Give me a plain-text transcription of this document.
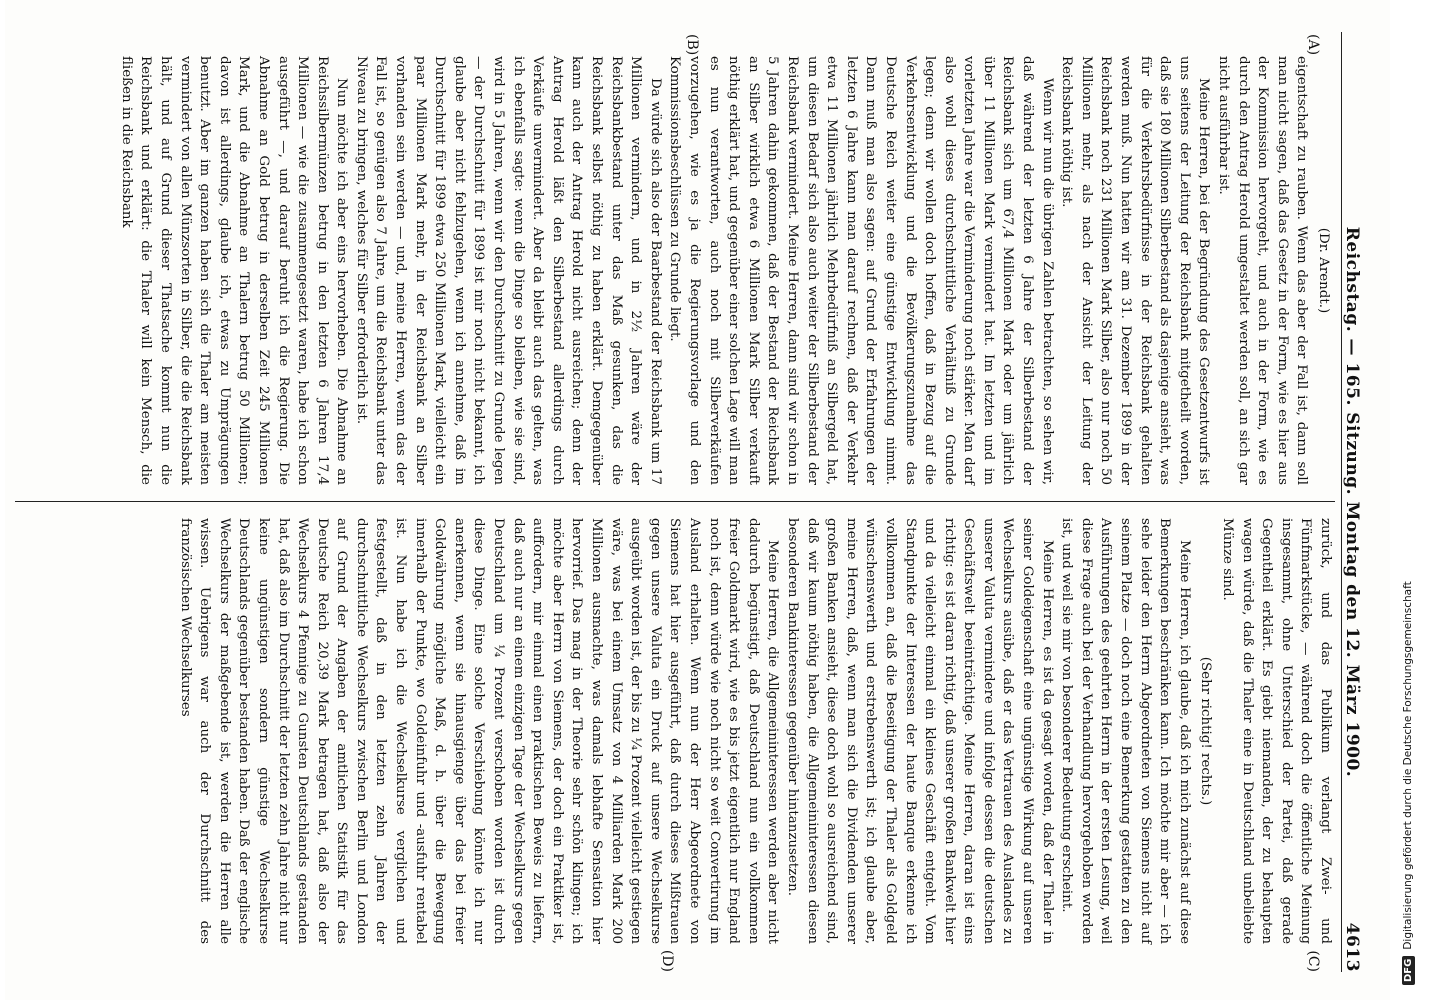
Reichstag. — 165. Sitzung. Montag den 12. März 1900.
4613
(A)
(B)
(C)
(D)

(Dr. Arendt.)

eigentschaft zu rauben. Wenn das aber der Fall ist, dann soll man nicht sagen, daß das Gesetz in der Form, wie es hier aus der Kommission hervorgeht, und auch in der Form, wie es durch den Antrag Herold umgestaltet werden soll, an sich gar nicht ausführbar ist.

Meine Herren, bei der Begründung des Gesetzentwurfs ist uns seitens der Leitung der Reichsbank mitgetheilt worden, daß sie 180 Millionen Silberbestand als dasjenige ansieht, was für die Verkehrsbedürfnisse in der Reichsbank gehalten werden muß. Nun hatten wir am 31. Dezember 1899 in der Reichsbank noch 231 Millionen Mark Silber, also nur noch 50 Millionen mehr, als nach der Ansicht der Leitung der Reichsbank nöthig ist.

Wenn wir nun die übrigen Zahlen betrachten, so sehen wir, daß während der letzten 6 Jahre der Silberbestand der Reichsbank sich um 67,4 Millionen Mark oder um jährlich über 11 Millionen Mark vermindert hat. Im letzten und im vorletzten Jahre war die Verminderung noch stärker. Man darf also wohl dieses durchschnittliche Verhältniß zu Grunde legen; denn wir wollen doch hoffen, daß in Bezug auf die Verkehrsentwicklung und die Bevölkerungszunahme das Deutsche Reich weiter eine günstige Entwicklung nimmt. Dann muß man also sagen: auf Grund der Erfahrungen der letzten 6 Jahre kann man darauf rechnen, daß der Verkehr etwa 11 Millionen jährlich Mehrbedürfniß an Silbergeld hat, um diesen Bedarf sich also auch weiter der Silberbestand der Reichsbank vermindert. Meine Herren, dann sind wir schon in 5 Jahren dahin gekommen, daß der Bestand der Reichsbank an Silber wirklich etwa 6 Millionen Mark Silber verkauft nöthig erklärt hat, und gegenüber einer solchen Lage will man es nun verantworten, auch noch mit Silberverkäufen vorzugehen, wie es ja die Regierungsvorlage und den Kommissionsbeschlüssen zu Grunde liegt.

Da würde sich also der Baarbestand der Reichsbank um 17 Millionen vermindern, und in 2½ Jahren wäre der Reichsbankbestand unter das Maß gesunken, das die Reichsbank selbst nöthig zu haben erklärt. Demgegenüber kann auch der Antrag Herold nicht ausreichen; denn der Antrag Herold läßt den Silberbestand allerdings durch Verkäufe unvermindert. Aber da bleibt auch das gelten, was ich ebenfalls sagte: wenn die Dinge so bleiben, wie sie sind, wird in 5 Jahren, wenn wir den Durchschnitt zu Grunde legen — der Durchschnitt für 1899 ist mir noch nicht bekannt, ich glaube aber nicht fehlzugehen, wenn ich annehme, daß im Durchschnitt für 1899 etwa 250 Millionen Mark, vielleicht ein paar Millionen Mark mehr, in der Reichsbank an Silber vorhanden sein werden — und, meine Herren, wenn das der Fall ist, so genügen also 7 Jahre, um die Reichsbank unter das Niveau zu bringen, welches für Silber erforderlich ist.

Nun möchte ich aber eins hervorheben. Die Abnahme an Reichssilbermünzen betrug in den letzten 6 Jahren 17,4 Millionen — wie die zusammengesetzt waren, habe ich schon ausgeführt —, und darauf beruht ich die Regierung. Die Abnahme an Gold betrug in derselben Zeit 245 Millionen Mark, und die Abnahme an Thalern betrug 50 Millionen; davon ist allerdings, glaube ich, etwas zu Umprägungen benutzt. Aber im ganzen haben sich die Thaler am meisten vermindert von allen Münzsorten in Silber, die die Reichsbank hält, und auf Grund dieser Thatsache kommt nun die Reichsbank und erklärt: die Thaler will kein Mensch, die fließen in die Reichsbank

zurück, und das Publikum verlangt Zwei- und Fünfmarkstücke, — während doch die öffentliche Meinung insgesammt, ohne Unterschied der Partei, daß gerade Gegentheil erklärt. Es giebt niemanden, der zu behaupten wagen würde, daß die Thaler eine in Deutschland unbeliebte Münze sind.

(Sehr richtig! rechts.)

Meine Herren, ich glaube, daß ich mich zunächst auf diese Bemerkungen beschränken kann. Ich möchte mir aber — ich sehe leider den Herrn Abgeordneten von Siemens nicht auf seinem Platze — doch noch eine Bemerkung gestatten zu den Ausführungen des geehrten Herrn in der ersten Lesung, weil diese Frage auch bei der Verhandlung hervorgehoben worden ist, und weil sie mir von besonderer Bedeutung erscheint.

Meine Herren, es ist da gesagt worden, daß der Thaler in seiner Goldeigenschaft eine ungünstige Wirkung auf unseren Wechselkurs ausübe, daß er das Vertrauen des Auslandes zu unserer Valuta vermindere und infolge dessen die deutschen Geschäftswelt beeinträchtige. Meine Herren, daran ist eins richtig: es ist daran richtig, daß unserer großen Bankwelt hier und da vielleicht einmal ein kleines Geschäft entgeht. Vom Standpunkte der Interessen der haute Banque erkenne ich vollkommen an, daß die Beseitigung der Thaler als Goldgeld wünschenswerth und erstrebenswerth ist; ich glaube aber, meine Herren, daß, wenn man sich die Dividenden unserer großen Banken ansieht, diese doch wohl so ausreichend sind, daß wir kaum nöthig haben, die Allgemeininteressen diesen besonderen Bankinteressen gegenüber hintanzusetzen.

Meine Herren, die Allgemeininteressen werden aber nicht dadurch begünstigt, daß Deutschland nun ein vollkommen freier Goldmarkt wird, wie es bis jetzt eigentlich nur England noch ist, denn würde wie noch nicht so weit Convertirung im Ausland erhalten. Wenn nun der Herr Abgeordnete von Siemens hat hier ausgeführt, daß durch dieses Mißtrauen gegen unsere Valuta ein Druck auf unsere Wechselkurse ausgeübt worden ist, der bis zu ¼ Prozent vielleicht gestiegen wäre, was bei einem Umsatz von 4 Milliarden Mark 200 Millionen ausmachte, was damals lebhafte Sensation hier hervorrief. Das mag in der Theorie sehr schön klingen; ich möchte aber Herrn von Siemens, der doch ein Praktiker ist, auffordern, mir einmal einen praktischen Beweis zu liefern, daß auch nur an einem einzigen Tage der Wechselkurs gegen Deutschland um ¼ Prozent verschoben worden ist durch diese Dinge. Eine solche Verschiebung könnte ich nur anerkennen, wenn sie hinausgienge über das bei freier Goldwährung mögliche Maß, d. h. über die Bewegung innerhalb der Punkte, wo Goldeinfuhr und -ausfuhr rentabel ist. Nun habe ich die Wechselkurse verglichen und festgestellt, daß in den letzten zehn Jahren der durchschnittliche Wechselkurs zwischen Berlin und London auf Grund der Angaben der amtlichen Statistik für das Deutsche Reich 20,39 Mark betragen hat, daß also der Wechselkurs 4 Pfennige zu Gunsten Deutschlands gestanden hat, daß also im Durchschnitt der letzten zehn Jahre nicht nur keine ungünstigen sondern günstige Wechselkurse Deutschlands gegenüber bestanden haben. Daß der englische Wechselkurs der maßgebende ist, werden die Herren alle wissen. Uebrigens war auch der Durchschnitt des französischen Wechselkurses

DFG
Digitalisierung gefördert durch die Deutsche Forschungsgemeinschaft
